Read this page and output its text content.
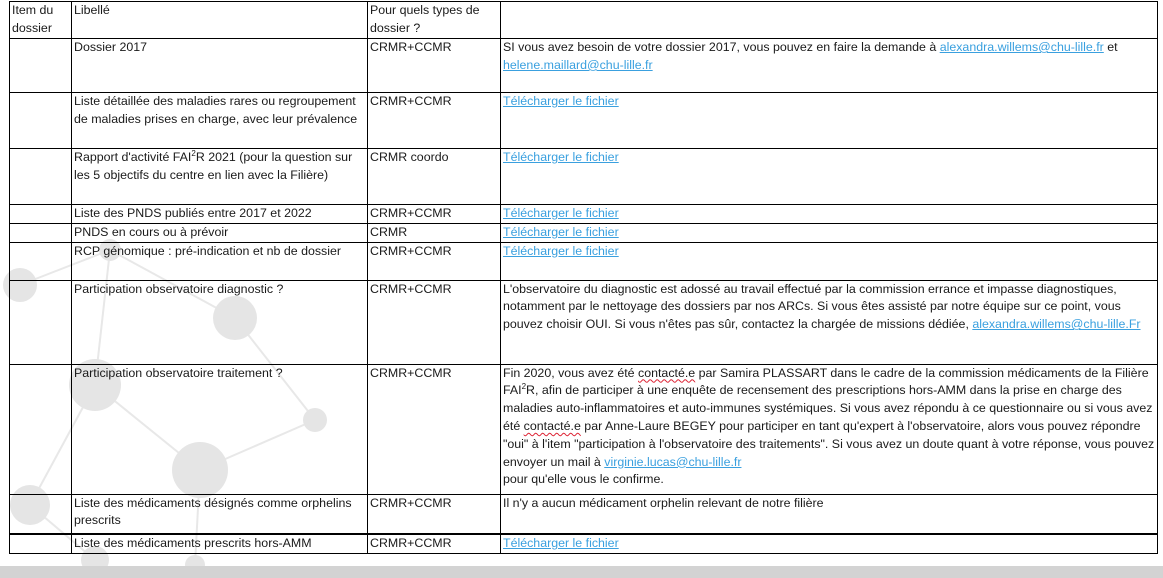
Item du dossier	Libellé	Pour quels types de dossier ?	
	Dossier 2017	CRMR+CCMR	SI vous avez besoin de votre dossier 2017, vous pouvez en faire la demande à alexandra.willems@chu-lille.fr et helene.maillard@chu-lille.fr
	Liste détaillée des maladies rares ou regroupement de maladies prises en charge, avec leur prévalence	CRMR+CCMR	Télécharger le fichier
	Rapport d'activité FAI$^2$R 2021 (pour la question sur les 5 objectifs du centre en lien avec la Filière)	CRMR coordo	Télécharger le fichier
	Liste des PNDS publiés entre 2017 et 2022	CRMR+CCMR	Télécharger le fichier
	PNDS en cours ou à prévoir	CRMR	Télécharger le fichier
	RCP génomique : pré-indication et nb de dossier	CRMR+CCMR	Télécharger le fichier
	Participation observatoire diagnostic ?	CRMR+CCMR	L'observatoire du diagnostic est adossé au travail effectué par la commission errance et impasse diagnostiques, notamment par le nettoyage des dossiers par nos ARCs. Si vous êtes assisté par notre équipe sur ce point, vous pouvez choisir OUI. Si vous n'êtes pas sûr, contactez la chargée de missions dédiée, alexandra.willems@chu-lille.Fr
	Participation observatoire traitement ?	CRMR+CCMR	Fin 2020, vous avez été contacté.e par Samira PLASSART dans le cadre de la commission médicaments de la Filière FAI$^2$R, afin de participer à une enquête de recensement des prescriptions hors-AMM dans la prise en charge des maladies auto-inflammatoires et auto-immunes systémiques. Si vous avez répondu à ce questionnaire ou si vous avez été contacté.e par Anne-Laure BEGEY pour participer en tant qu'expert à l'observatoire, alors vous pouvez répondre "oui" à l'item "participation à l'observatoire des traitements". Si vous avez un doute quant à votre réponse, vous pouvez envoyer un mail à virginie.lucas@chu-lille.fr
pour qu'elle vous le confirme.
	Liste des médicaments désignés comme orphelins prescrits	CRMR+CCMR	Il n'y a aucun médicament orphelin relevant de notre filière
	Liste des médicaments prescrits hors-AMM	CRMR+CCMR	Télécharger le fichier
